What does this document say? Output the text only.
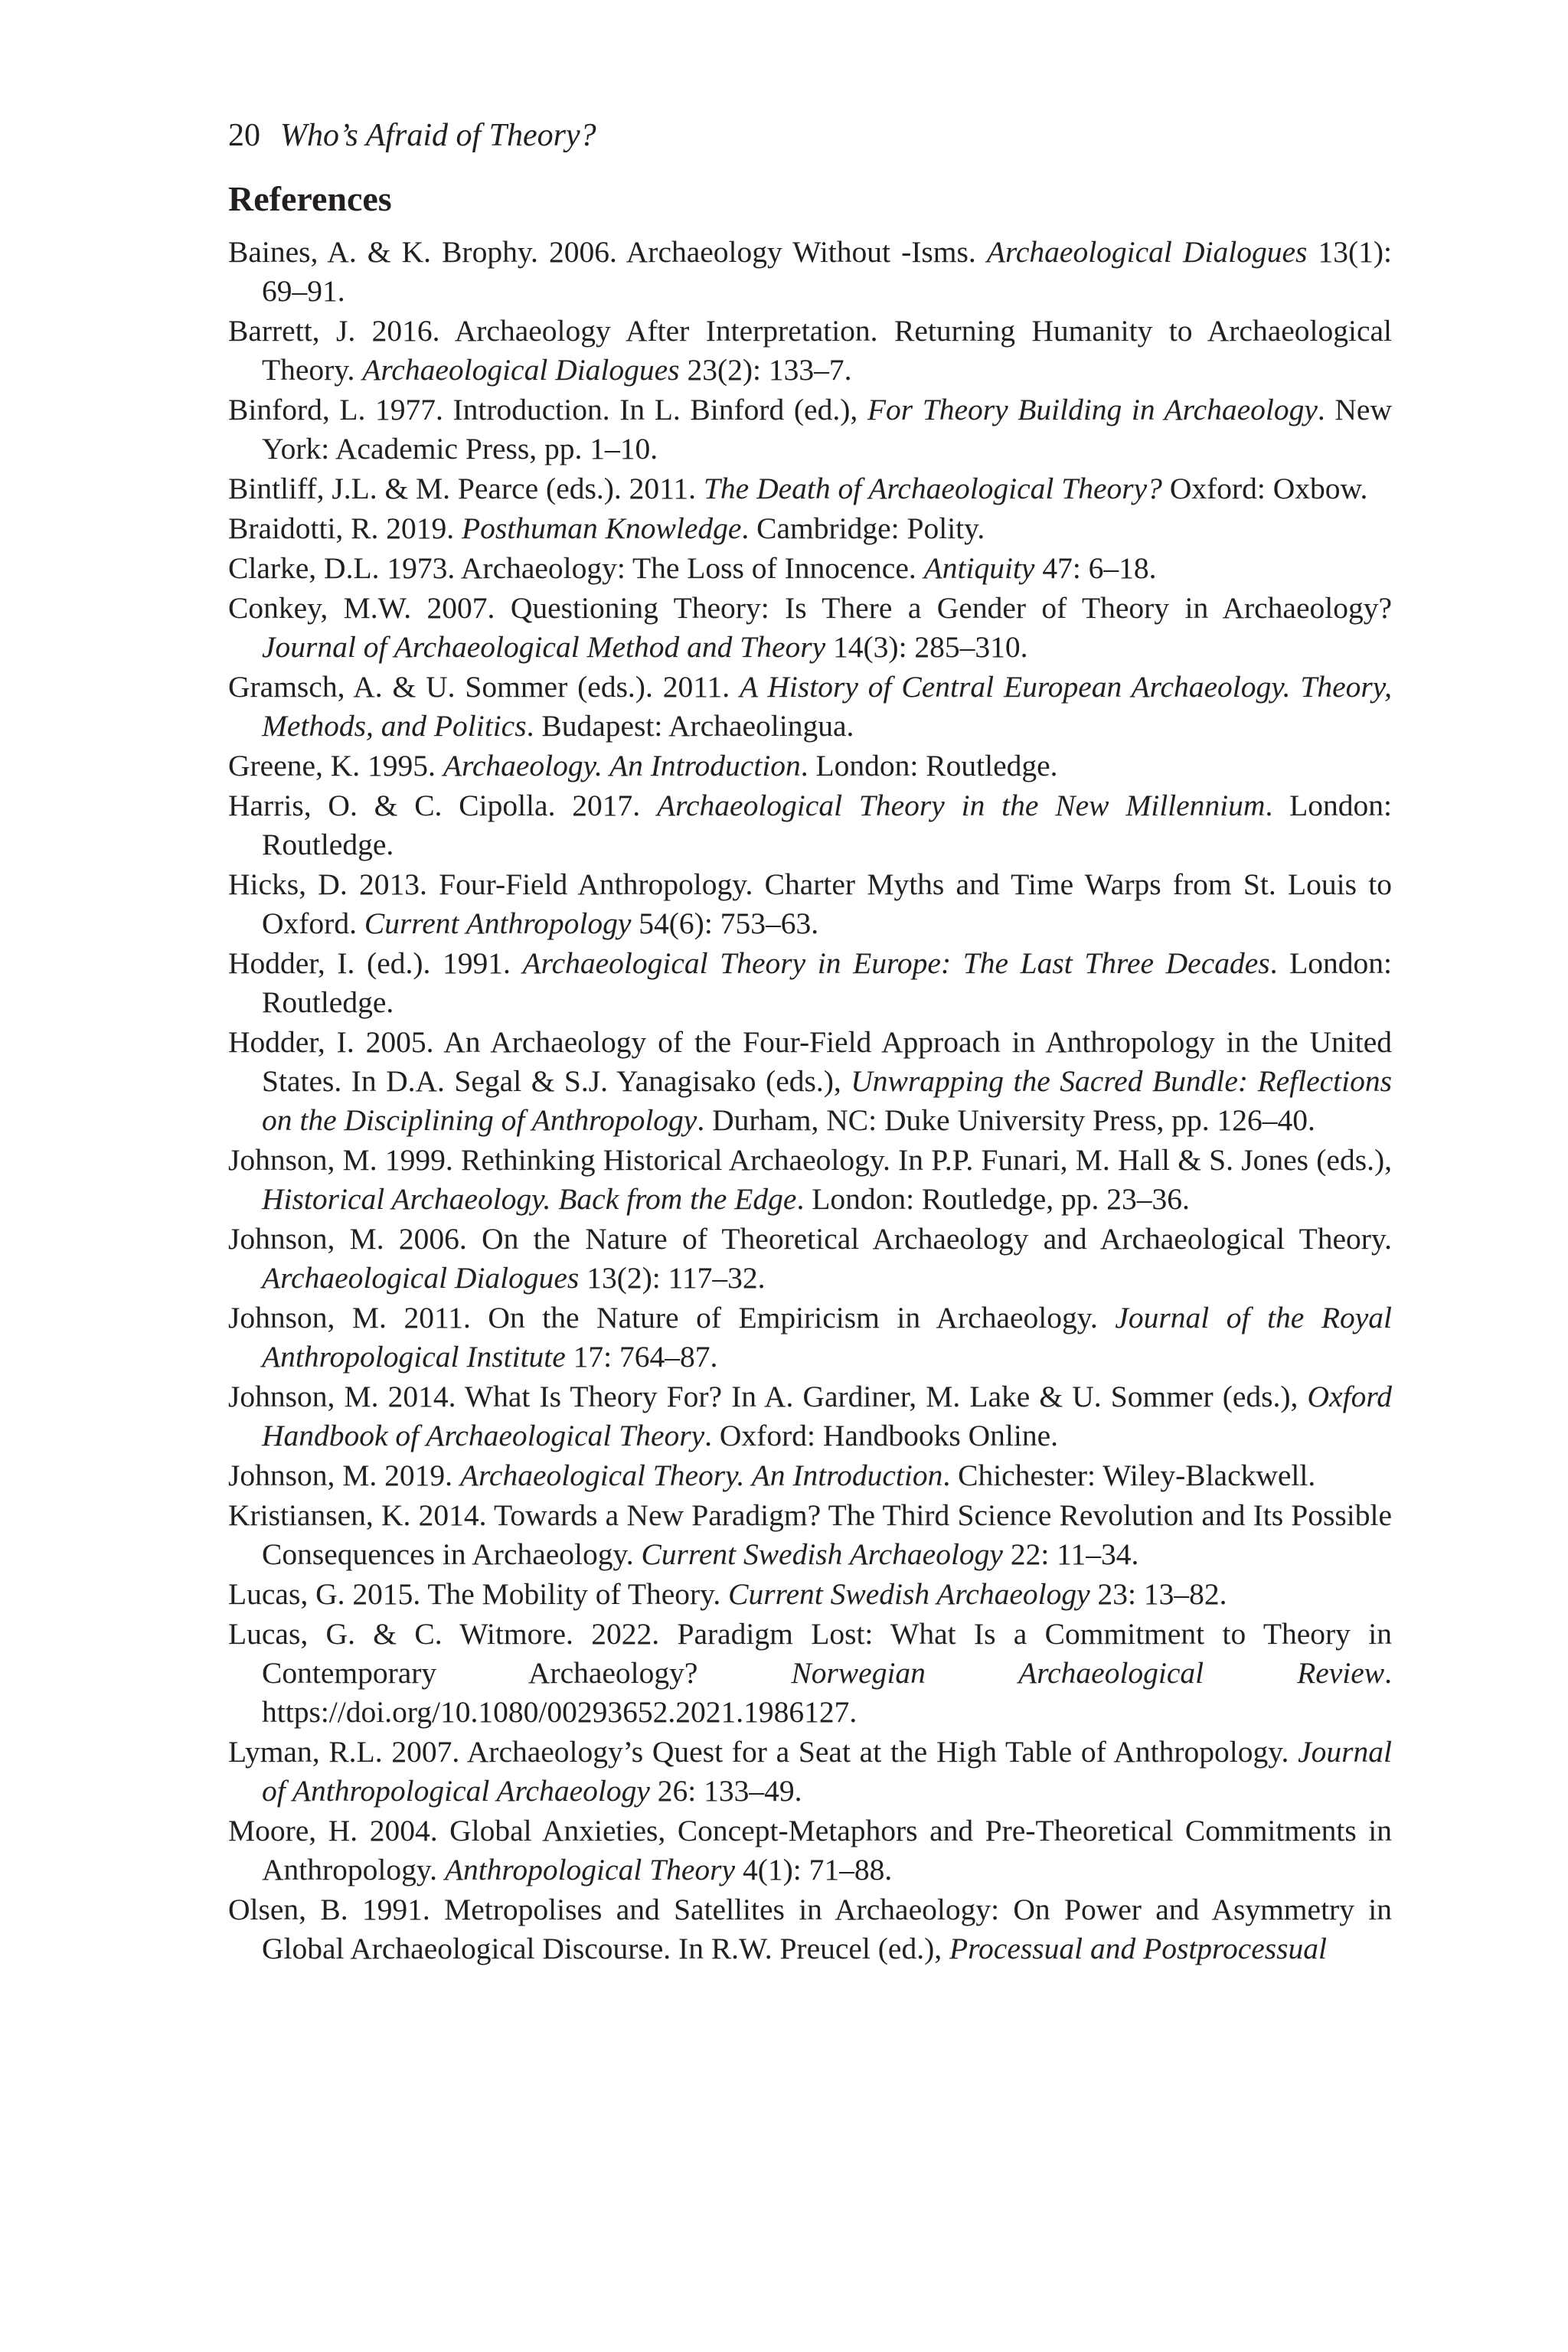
20 Who’s Afraid of Theory?
References
Baines, A. & K. Brophy. 2006. Archaeology Without -Isms. Archaeological Dialogues 13(1): 69–91.
Barrett, J. 2016. Archaeology After Interpretation. Returning Humanity to Archaeological Theory. Archaeological Dialogues 23(2): 133–7.
Binford, L. 1977. Introduction. In L. Binford (ed.), For Theory Building in Archaeology. New York: Academic Press, pp. 1–10.
Bintliff, J.L. & M. Pearce (eds.). 2011. The Death of Archaeological Theory? Oxford: Oxbow.
Braidotti, R. 2019. Posthuman Knowledge. Cambridge: Polity.
Clarke, D.L. 1973. Archaeology: The Loss of Innocence. Antiquity 47: 6–18.
Conkey, M.W. 2007. Questioning Theory: Is There a Gender of Theory in Archaeology? Journal of Archaeological Method and Theory 14(3): 285–310.
Gramsch, A. & U. Sommer (eds.). 2011. A History of Central European Archaeology. Theory, Methods, and Politics. Budapest: Archaeolingua.
Greene, K. 1995. Archaeology. An Introduction. London: Routledge.
Harris, O. & C. Cipolla. 2017. Archaeological Theory in the New Millennium. London: Routledge.
Hicks, D. 2013. Four-Field Anthropology. Charter Myths and Time Warps from St. Louis to Oxford. Current Anthropology 54(6): 753–63.
Hodder, I. (ed.). 1991. Archaeological Theory in Europe: The Last Three Decades. London: Routledge.
Hodder, I. 2005. An Archaeology of the Four-Field Approach in Anthropology in the United States. In D.A. Segal & S.J. Yanagisako (eds.), Unwrapping the Sacred Bundle: Reflections on the Disciplining of Anthropology. Durham, NC: Duke University Press, pp. 126–40.
Johnson, M. 1999. Rethinking Historical Archaeology. In P.P. Funari, M. Hall & S. Jones (eds.), Historical Archaeology. Back from the Edge. London: Routledge, pp. 23–36.
Johnson, M. 2006. On the Nature of Theoretical Archaeology and Archaeological Theory. Archaeological Dialogues 13(2): 117–32.
Johnson, M. 2011. On the Nature of Empiricism in Archaeology. Journal of the Royal Anthropological Institute 17: 764–87.
Johnson, M. 2014. What Is Theory For? In A. Gardiner, M. Lake & U. Sommer (eds.), Oxford Handbook of Archaeological Theory. Oxford: Handbooks Online.
Johnson, M. 2019. Archaeological Theory. An Introduction. Chichester: Wiley-Blackwell.
Kristiansen, K. 2014. Towards a New Paradigm? The Third Science Revolution and Its Possible Consequences in Archaeology. Current Swedish Archaeology 22: 11–34.
Lucas, G. 2015. The Mobility of Theory. Current Swedish Archaeology 23: 13–82.
Lucas, G. & C. Witmore. 2022. Paradigm Lost: What Is a Commitment to Theory in Contemporary Archaeology? Norwegian Archaeological Review. https://doi.org/10.1080/00293652.2021.1986127.
Lyman, R.L. 2007. Archaeology’s Quest for a Seat at the High Table of Anthropology. Journal of Anthropological Archaeology 26: 133–49.
Moore, H. 2004. Global Anxieties, Concept-Metaphors and Pre-Theoretical Commitments in Anthropology. Anthropological Theory 4(1): 71–88.
Olsen, B. 1991. Metropolises and Satellites in Archaeology: On Power and Asymmetry in Global Archaeological Discourse. In R.W. Preucel (ed.), Processual and Postprocessual
